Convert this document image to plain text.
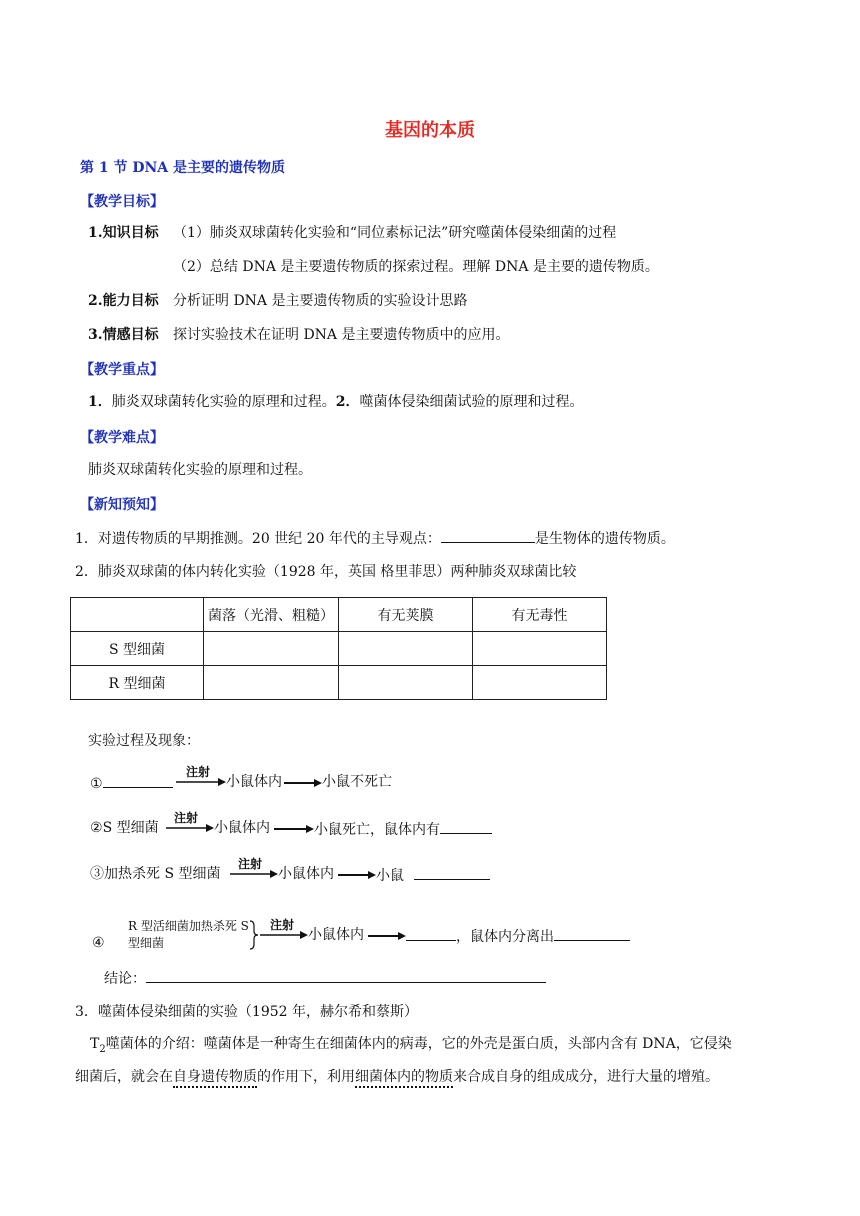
基因的本质
第 1 节 DNA 是主要的遗传物质
【教学目标】
1.知识目标 （1）肺炎双球菌转化实验和“同位素标记法”研究噬菌体侵染细菌的过程
（2）总结 DNA 是主要遗传物质的探索过程。理解 DNA 是主要的遗传物质。
2.能力目标 分析证明 DNA 是主要遗传物质的实验设计思路
3.情感目标 探讨实验技术在证明 DNA 是主要遗传物质中的应用。
【教学重点】
1．肺炎双球菌转化实验的原理和过程。2．噬菌体侵染细菌试验的原理和过程。
【教学难点】
肺炎双球菌转化实验的原理和过程。
【新知预知】
1．对遗传物质的早期推测。20 世纪 20 年代的主导观点：	是生物体的遗传物质。
2．肺炎双球菌的体内转化实验（1928 年，英国 格里菲思）两种肺炎双球菌比较
	菌落（光滑、粗糙）	有无荚膜	有无毒性
S 型细菌			
R 型细菌			
实验过程及现象：
①
注射
小鼠体内	小鼠不死亡
②S 型细菌
注射
小鼠体内	小鼠死亡，鼠体内有
③加热杀死 S 型细菌
注射
小鼠体内	小鼠
④
R 型活细菌加热杀死 S
型细菌
注射
小鼠体内	，鼠体内分离出
结论：
3．噬菌体侵染细菌的实验（1952 年，赫尔希和蔡斯）
$T_2$噬菌体的介绍：噬菌体是一种寄生在细菌体内的病毒，它的外壳是蛋白质，头部内含有 DNA，它侵染
细菌后，就会在自身遗传物质的作用下，利用细菌体内的物质来合成自身的组成成分，进行大量的增殖。
